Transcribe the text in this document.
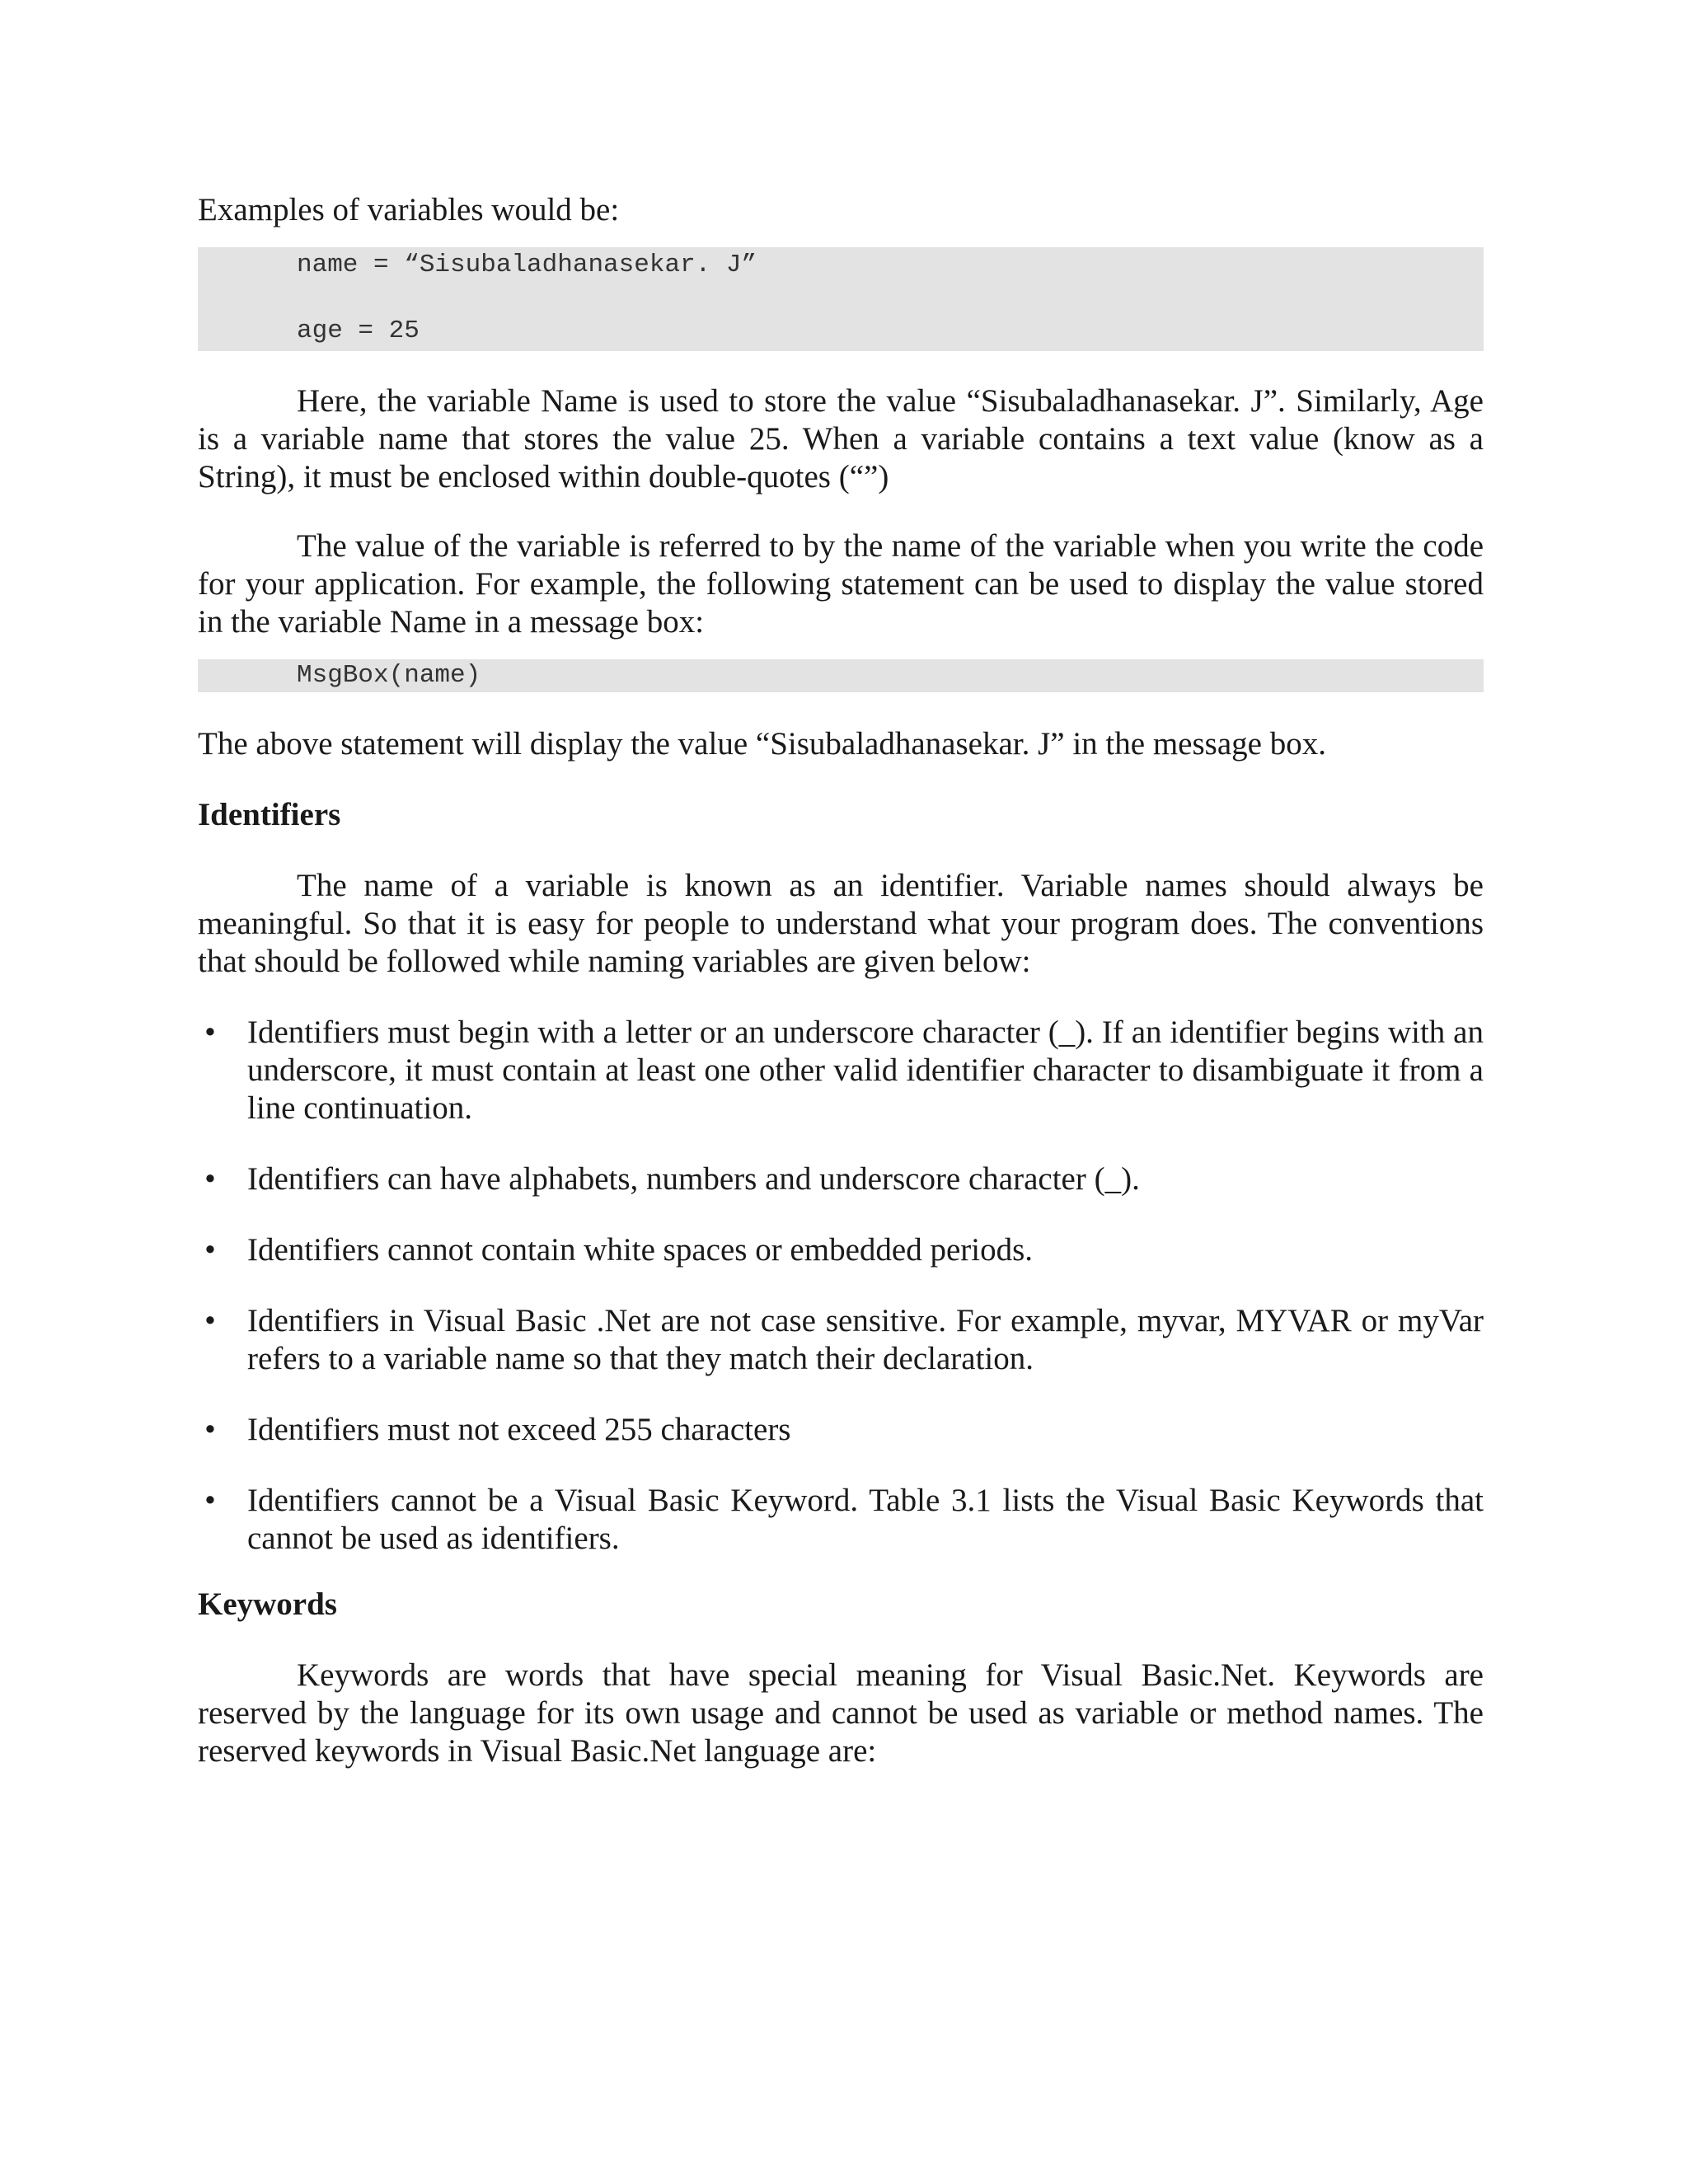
Examples of variables would be:

name = “Sisubaladhanasekar. J”
age = 25

Here, the variable Name is used to store the value “Sisubaladhanasekar. J”. Similarly, Age is a variable name that stores the value 25. When a variable contains a text value (know as a String), it must be enclosed within double-quotes (“”)

The value of the variable is referred to by the name of the variable when you write the code for your application. For example, the following statement can be used to display the value stored in the variable Name in a message box:

MsgBox(name)

The above statement will display the value “Sisubaladhanasekar. J” in the message box.

Identifiers

The name of a variable is known as an identifier. Variable names should always be meaningful. So that it is easy for people to understand what your program does. The conventions that should be followed while naming variables are given below:

• Identifiers must begin with a letter or an underscore character (_). If an identifier begins with an underscore, it must contain at least one other valid identifier character to disambiguate it from a line continuation.
• Identifiers can have alphabets, numbers and underscore character (_).
• Identifiers cannot contain white spaces or embedded periods.
• Identifiers in Visual Basic .Net are not case sensitive. For example, myvar, MYVAR or myVar refers to a variable name so that they match their declaration.
• Identifiers must not exceed 255 characters
• Identifiers cannot be a Visual Basic Keyword. Table 3.1 lists the Visual Basic Keywords that cannot be used as identifiers.

Keywords

Keywords are words that have special meaning for Visual Basic.Net. Keywords are reserved by the language for its own usage and cannot be used as variable or method names. The reserved keywords in Visual Basic.Net language are:
